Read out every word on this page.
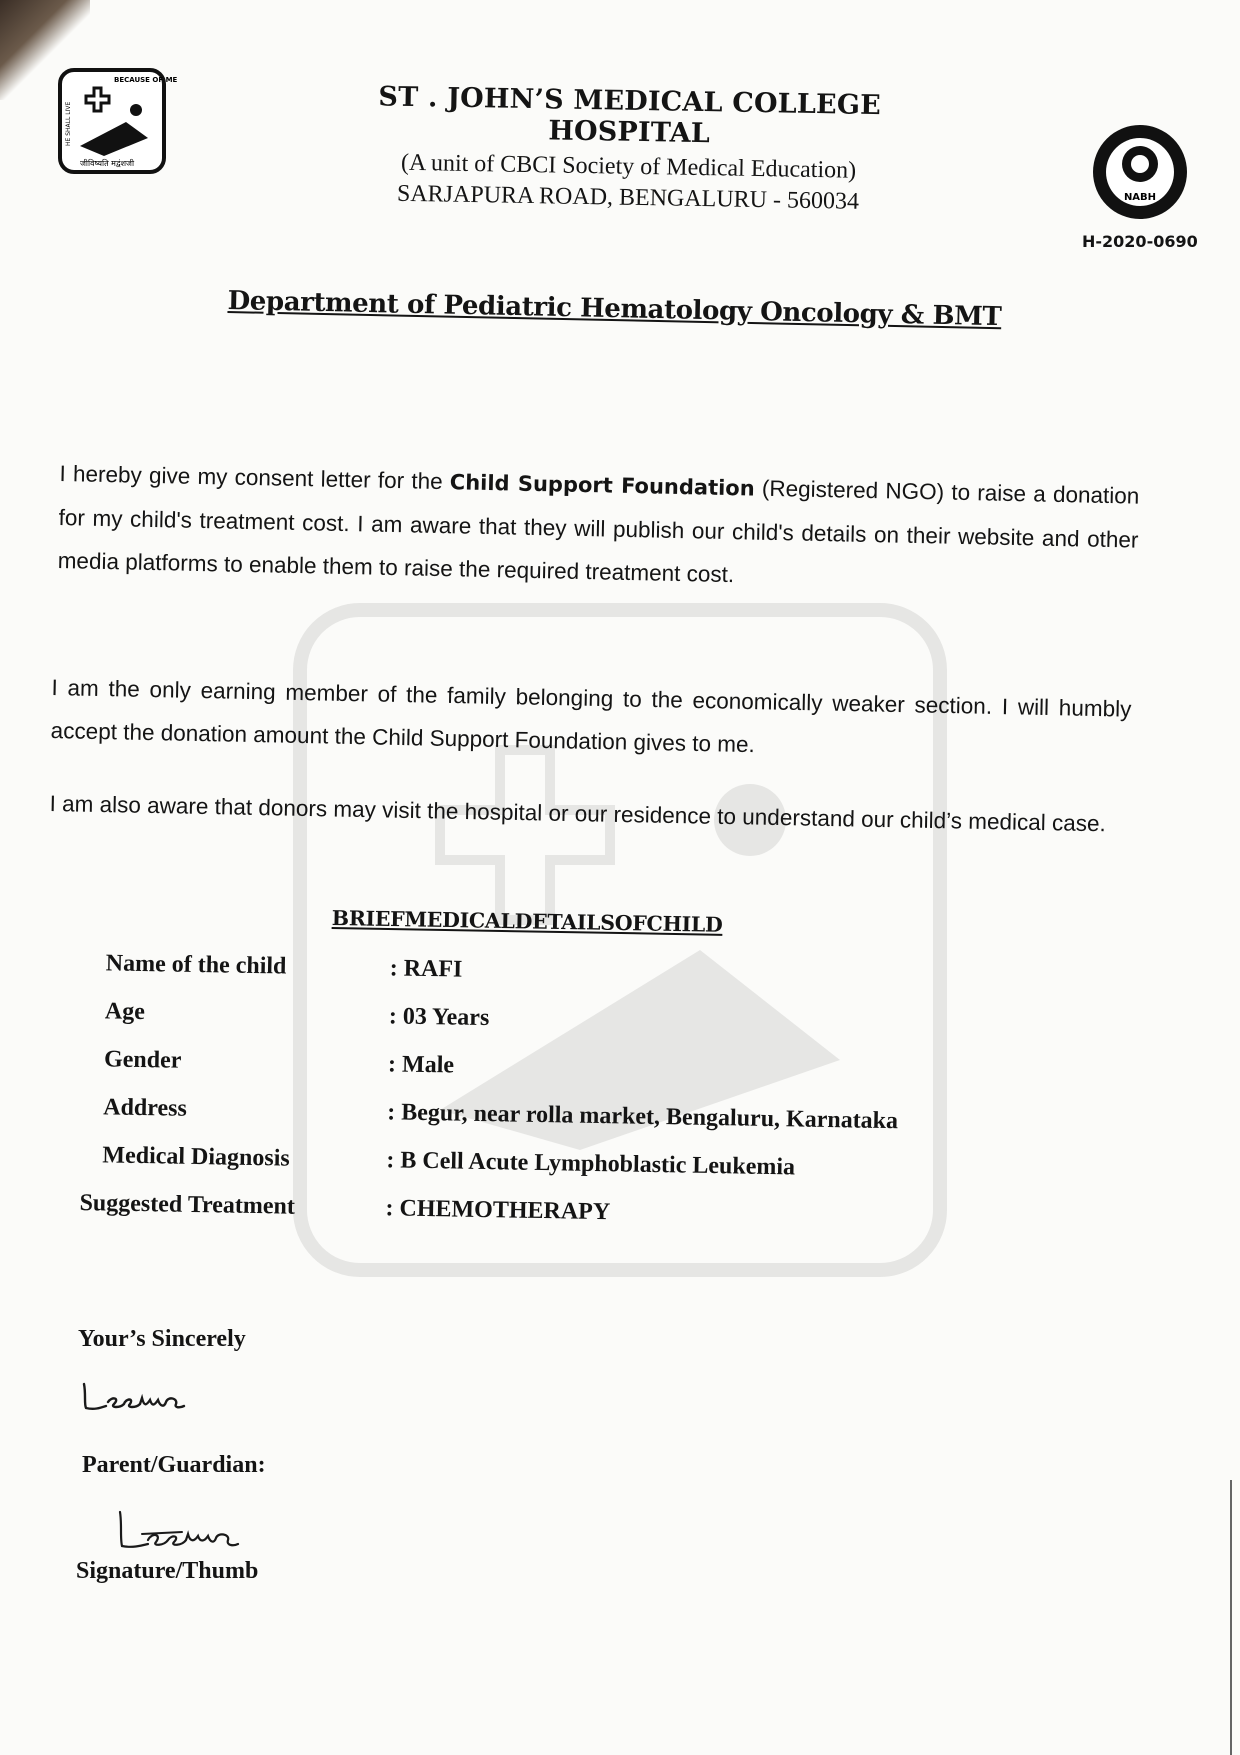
BECAUSE OF ME
HE SHALL LIVE
जीविष्यति मद्वंशजी
NABH
H-2020-0690
ST . JOHN’S MEDICAL COLLEGE HOSPITAL
(A unit of CBCI Society of Medical Education)
SARJAPURA ROAD, BENGALURU - 560034
Department of Pediatric Hematology Oncology & BMT
I hereby give my consent letter for the Child Support Foundation (Registered NGO) to raise a donation for my child's treatment cost. I am aware that they will publish our child's details on their website and other media platforms to enable them to raise the required treatment cost.
I am the only earning member of the family belonging to the economically weaker section. I will humbly accept the donation amount the Child Support Foundation gives to me.
I am also aware that donors may visit the hospital or our residence to understand our child’s medical case.
BRIEFMEDICALDETAILSOFCHILD
Name of the child	: RAFI
Age	: 03 Years
Gender	: Male
Address	: Begur, near rolla market, Bengaluru, Karnataka
Medical Diagnosis	: B Cell Acute Lymphoblastic Leukemia
Suggested Treatment	: CHEMOTHERAPY
Your’s Sincerely
Parent/Guardian:
Signature/Thumb
